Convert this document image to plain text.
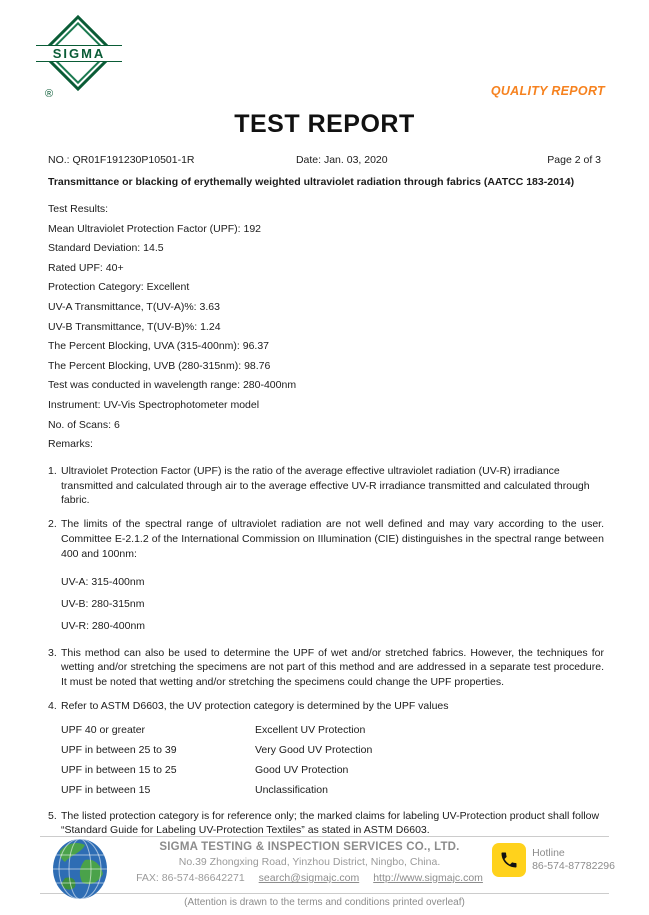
SIGMA
®	QUALITY REPORT
TEST REPORT
NO.: QR01F191230P10501-1R	Date: Jan. 03, 2020	Page 2 of 3
Transmittance or blacking of erythemally weighted ultraviolet radiation through fabrics (AATCC 183-2014)
Test Results:
Mean Ultraviolet Protection Factor (UPF): 192
Standard Deviation: 14.5
Rated UPF: 40+
Protection Category: Excellent
UV-A Transmittance, T(UV-A)%: 3.63
UV-B Transmittance, T(UV-B)%: 1.24
The Percent Blocking, UVA (315-400nm): 96.37
The Percent Blocking, UVB (280-315nm): 98.76
Test was conducted in wavelength range: 280-400nm
Instrument: UV-Vis Spectrophotometer model
No. of Scans: 6
Remarks:
1. Ultraviolet Protection Factor (UPF) is the ratio of the average effective ultraviolet radiation (UV-R) irradiance transmitted and calculated through air to the average effective UV-R irradiance transmitted and calculated through fabric.
2. The limits of the spectral range of ultraviolet radiation are not well defined and may vary according to the user. Committee E-2.1.2 of the International Commission on IIlumination (CIE) distinguishes in the spectral range between 400 and 100nm:
UV-A: 315-400nm
UV-B: 280-315nm
UV-R: 280-400nm
3. This method can also be used to determine the UPF of wet and/or stretched fabrics. However, the techniques for wetting and/or stretching the specimens are not part of this method and are addressed in a separate test procedure. It must be noted that wetting and/or stretching the specimens could change the UPF properties.
4. Refer to ASTM D6603, the UV protection category is determined by the UPF values
UPF 40 or greater	Excellent UV Protection
UPF in between 25 to 39	Very Good UV Protection
UPF in between 15 to 25	Good UV Protection
UPF in between 15	Unclassification
5. The listed protection category is for reference only; the marked claims for labeling UV-Protection product shall follow “Standard Guide for Labeling UV-Protection Textiles” as stated in ASTM D6603.
SIGMA TESTING & INSPECTION SERVICES CO., LTD.
No.39 Zhongxing Road, Yinzhou District, Ningbo, China.
FAX: 86-574-86642271 search@sigmajc.com http://www.sigmajc.com
Hotline
86-574-87782296
(Attention is drawn to the terms and conditions printed overleaf)
